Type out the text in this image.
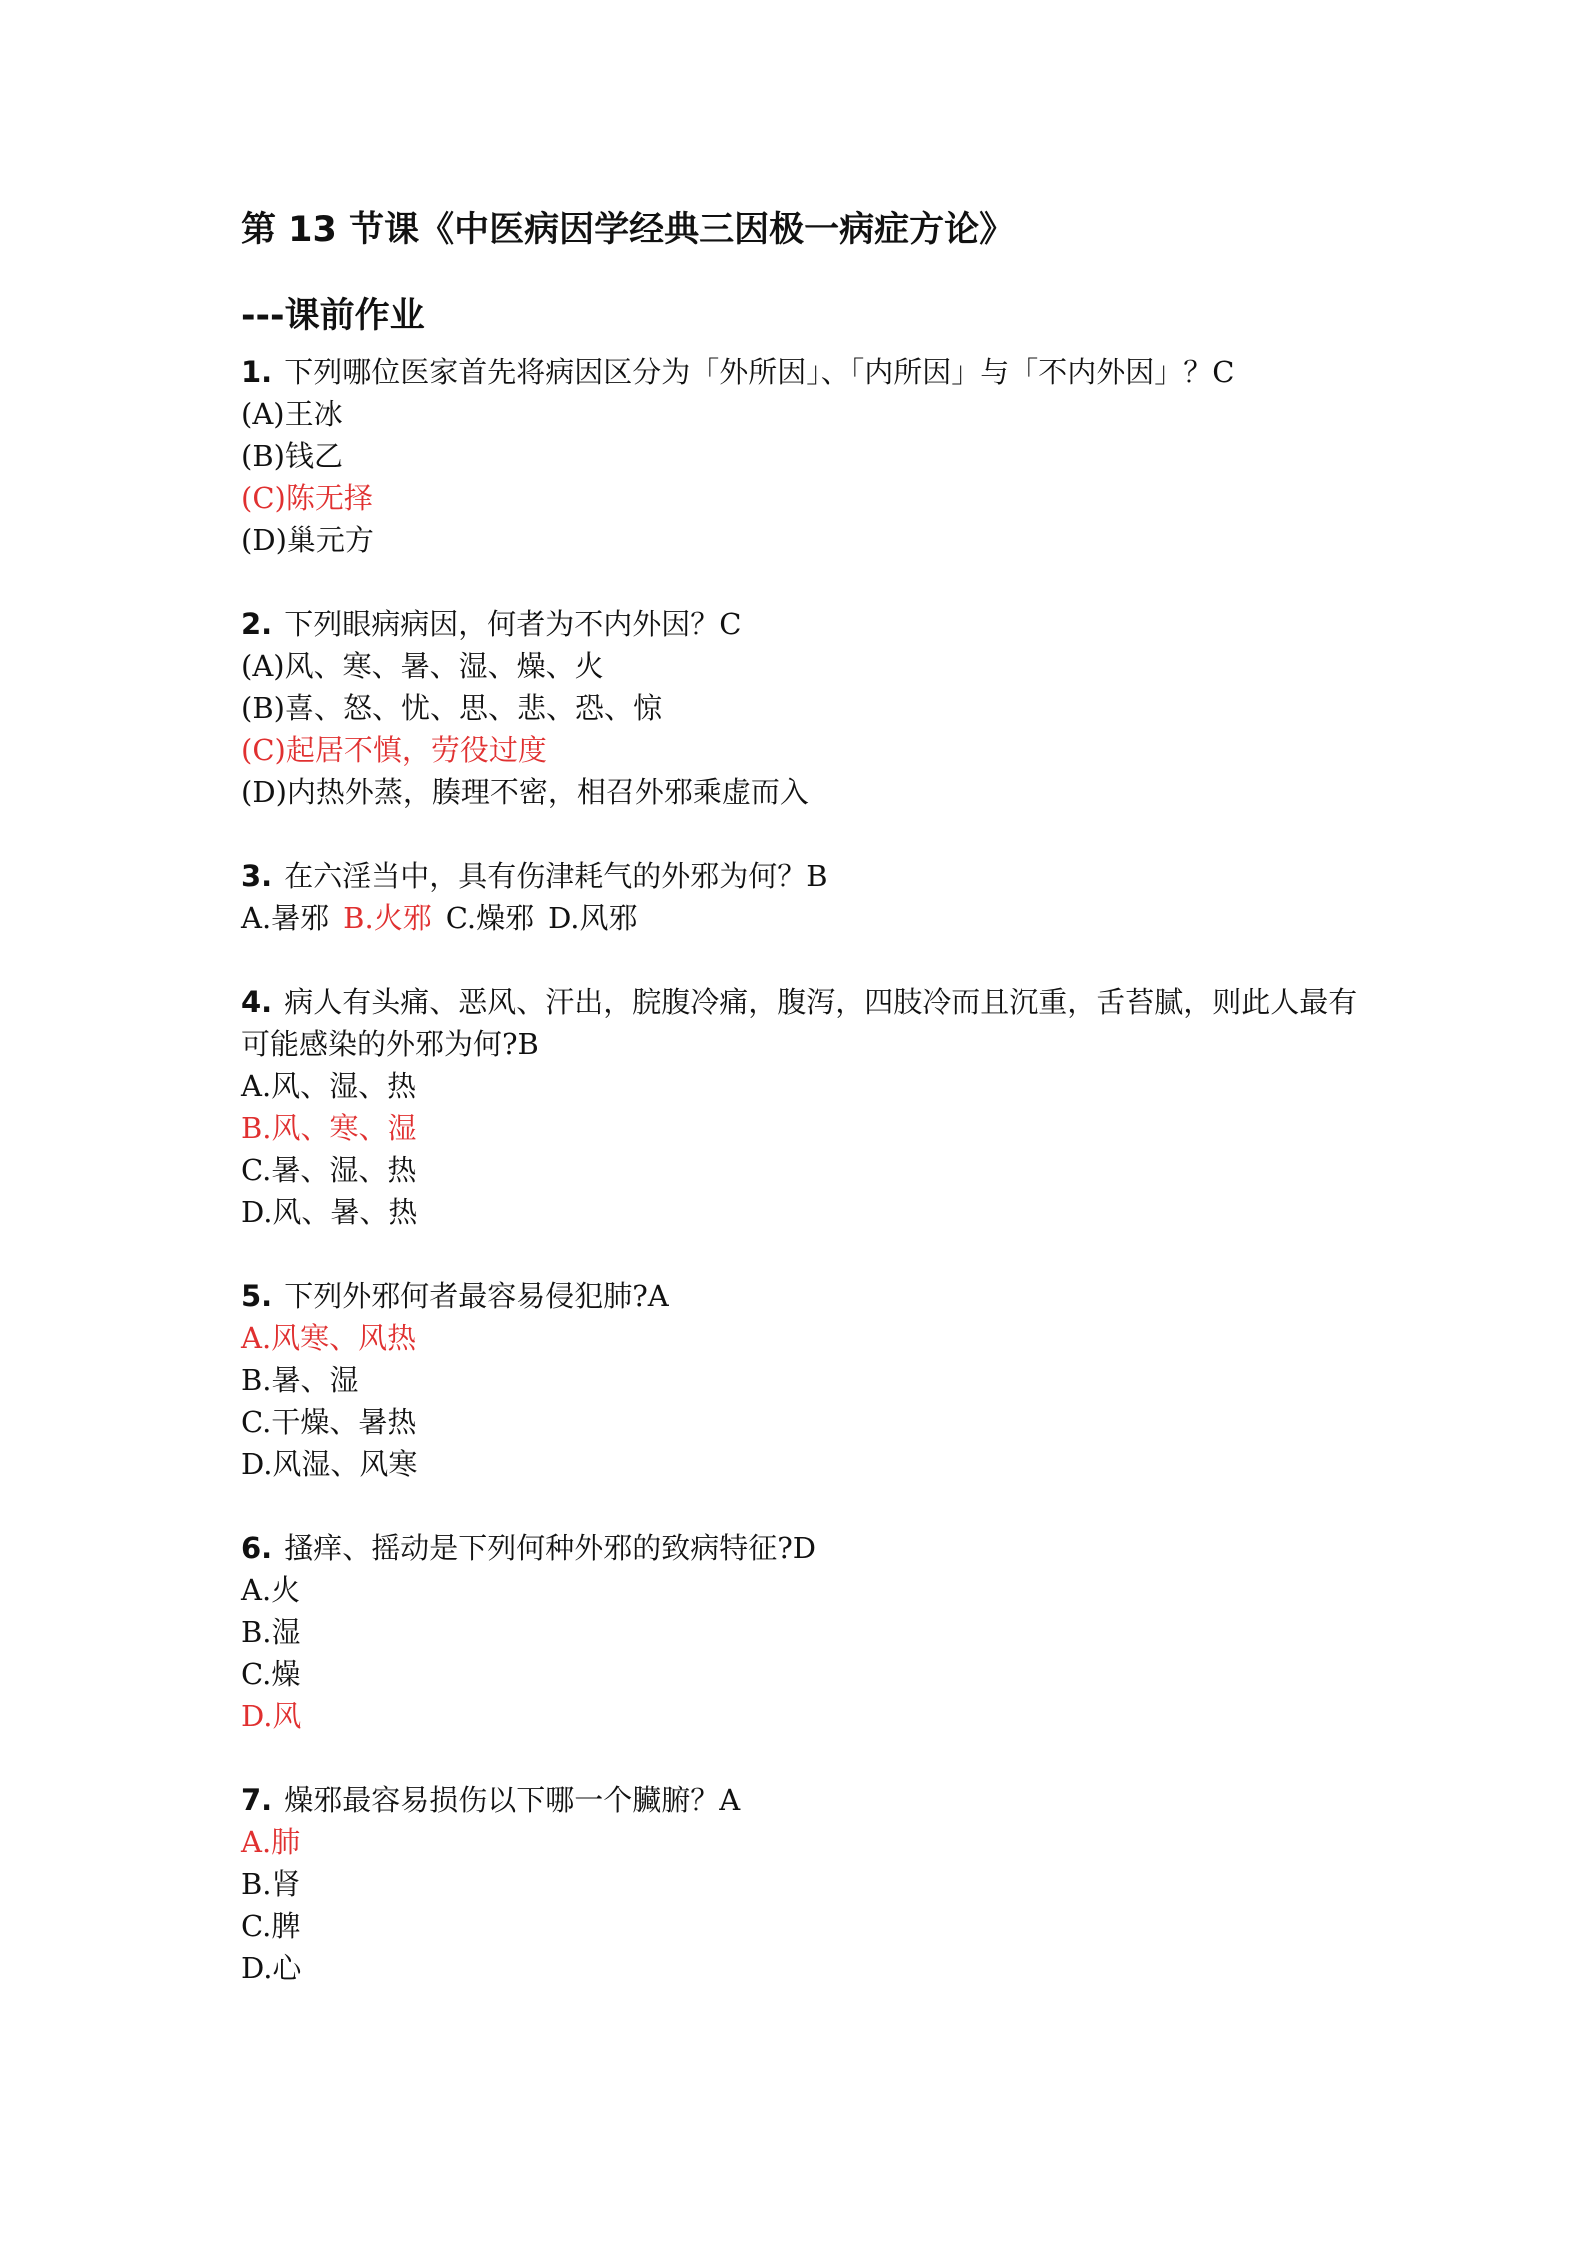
第 13 节课《中医病因学经典三因极一病症方论》
---课前作业

1. 下列哪位医家首先将病因区分为「外所因」、「内所因」与「不内外因」？C

(A)王冰

(B)钱乙

(C)陈无择

(D)巢元方

2. 下列眼病病因，何者为不内外因？C

(A)风、寒、暑、湿、燥、火

(B)喜、怒、忧、思、悲、恐、惊

(C)起居不慎，劳役过度

(D)内热外蒸，腠理不密，相召外邪乘虚而入

3. 在六淫当中，具有伤津耗气的外邪为何？B

A.暑邪 B.火邪 C.燥邪 D.风邪

4. 病人有头痛、恶风、汗出，脘腹冷痛，腹泻，四肢冷而且沉重，舌苔腻，则此人最有可能感染的外邪为何?B

A.风、湿、热

B.风、寒、湿

C.暑、湿、热

D.风、暑、热

5. 下列外邪何者最容易侵犯肺?A

A.风寒、风热

B.暑、湿

C.干燥、暑热

D.风湿、风寒

6. 搔痒、摇动是下列何种外邪的致病特征?D

A.火

B.湿

C.燥

D.风

7. 燥邪最容易损伤以下哪一个臟腑？A

A.肺

B.肾

C.脾

D.心
